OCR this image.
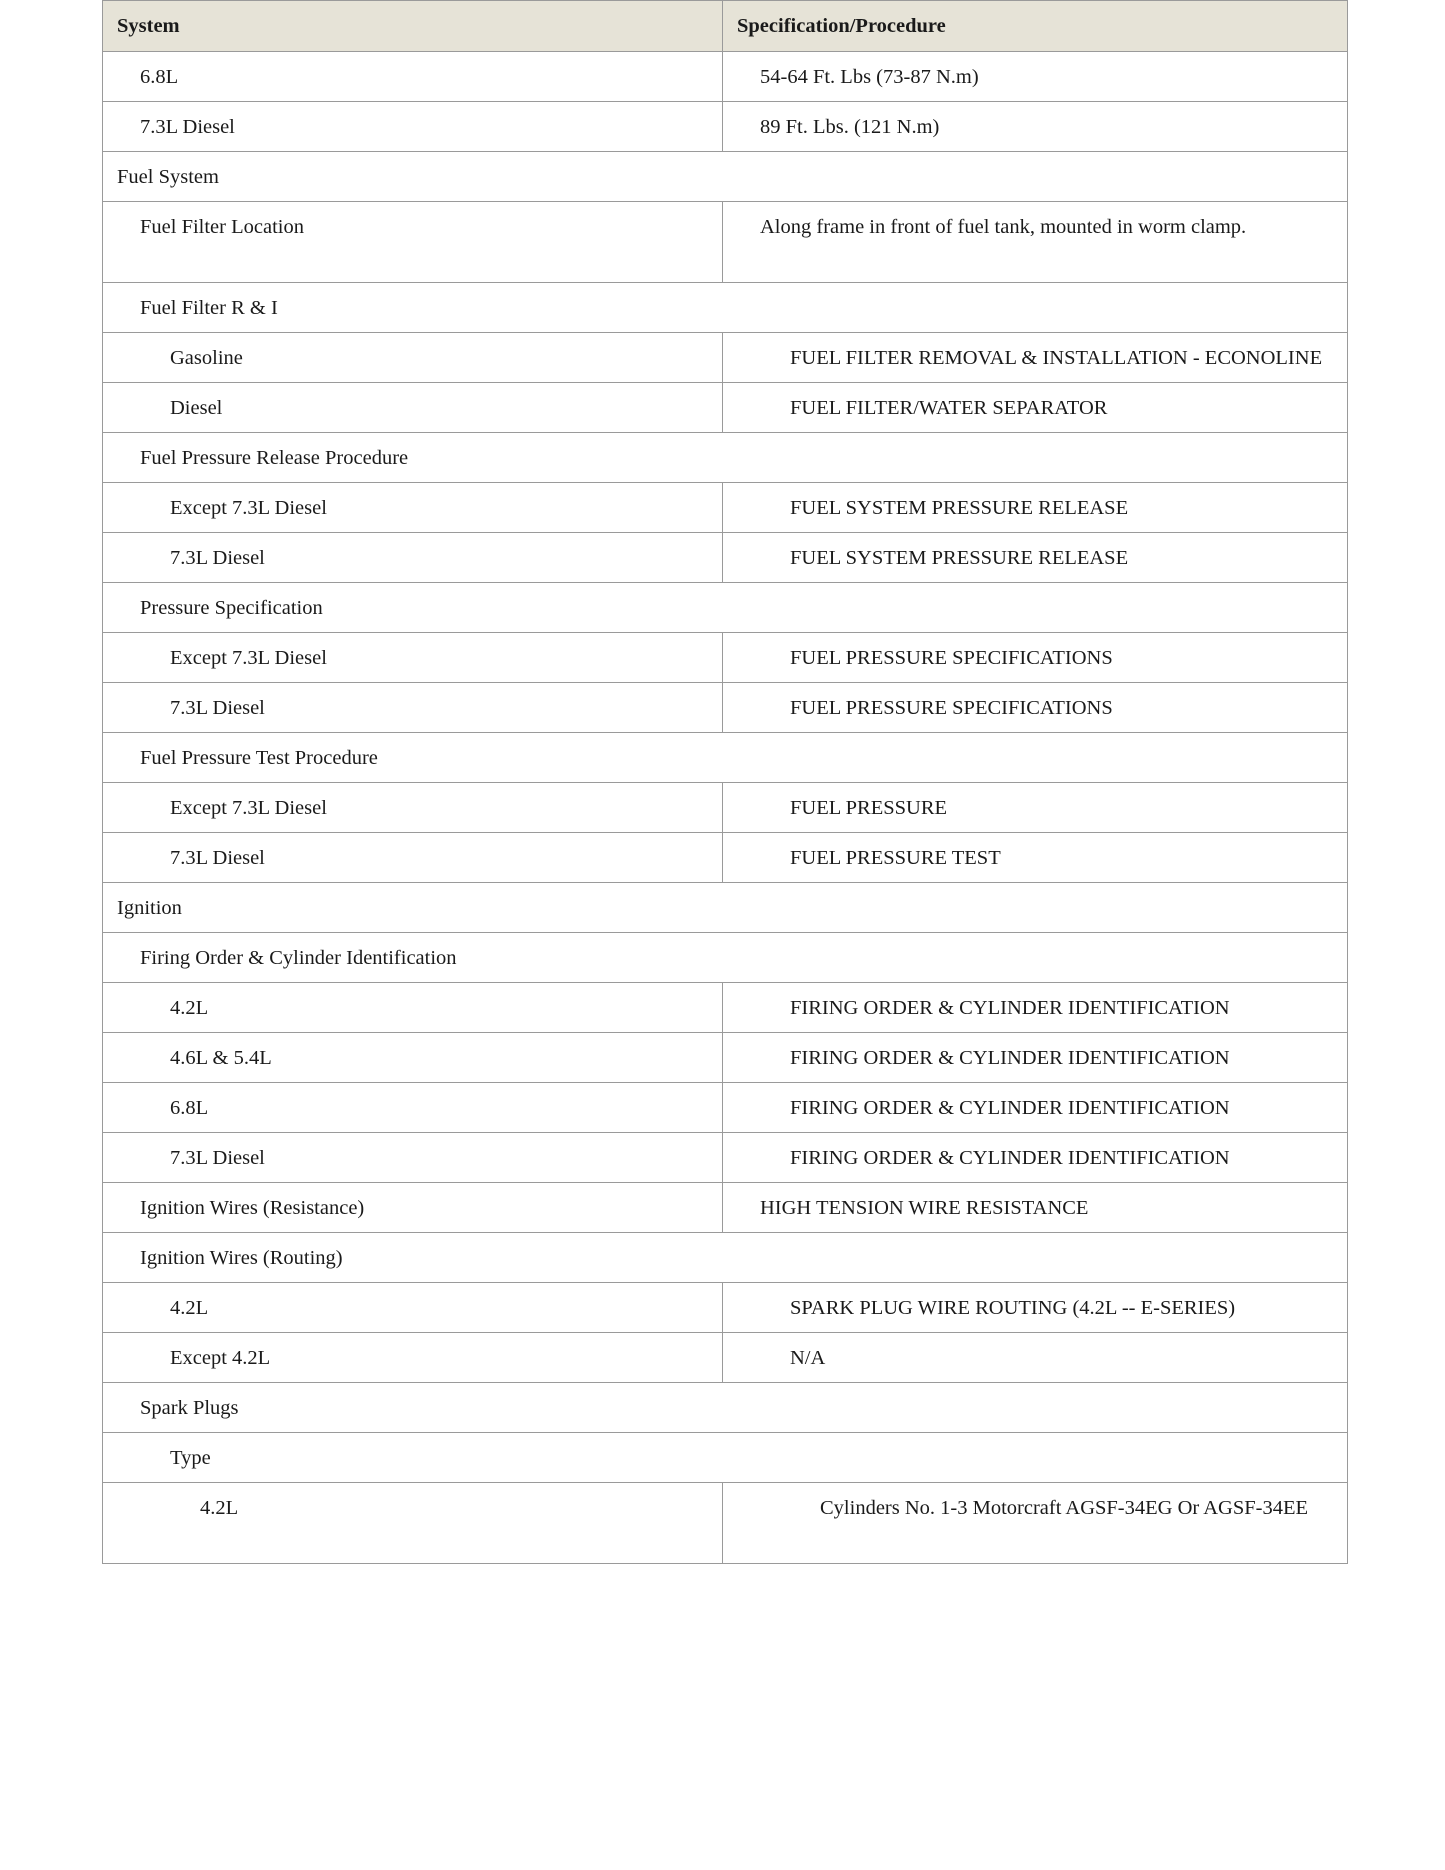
System	Specification/Procedure

6.8L	54-64 Ft. Lbs (73-87 N.m)

7.3L Diesel	89 Ft. Lbs. (121 N.m)

Fuel System	

Fuel Filter Location	Along frame in front of fuel tank, mounted in worm clamp.

Fuel Filter R & I	

Gasoline	FUEL FILTER REMOVAL & INSTALLATION - ECONOLINE

Diesel	FUEL FILTER/WATER SEPARATOR

Fuel Pressure Release Procedure	

Except 7.3L Diesel	FUEL SYSTEM PRESSURE RELEASE

7.3L Diesel	FUEL SYSTEM PRESSURE RELEASE

Pressure Specification	

Except 7.3L Diesel	FUEL PRESSURE SPECIFICATIONS

7.3L Diesel	FUEL PRESSURE SPECIFICATIONS

Fuel Pressure Test Procedure	

Except 7.3L Diesel	FUEL PRESSURE

7.3L Diesel	FUEL PRESSURE TEST

Ignition	

Firing Order & Cylinder Identification	

4.2L	FIRING ORDER & CYLINDER IDENTIFICATION

4.6L & 5.4L	FIRING ORDER & CYLINDER IDENTIFICATION

6.8L	FIRING ORDER & CYLINDER IDENTIFICATION

7.3L Diesel	FIRING ORDER & CYLINDER IDENTIFICATION

Ignition Wires (Resistance)	HIGH TENSION WIRE RESISTANCE

Ignition Wires (Routing)	

4.2L	SPARK PLUG WIRE ROUTING (4.2L -- E-SERIES)

Except 4.2L	N/A

Spark Plugs	

Type	

4.2L	Cylinders No. 1-3 Motorcraft AGSF-34EG Or AGSF-34EE
